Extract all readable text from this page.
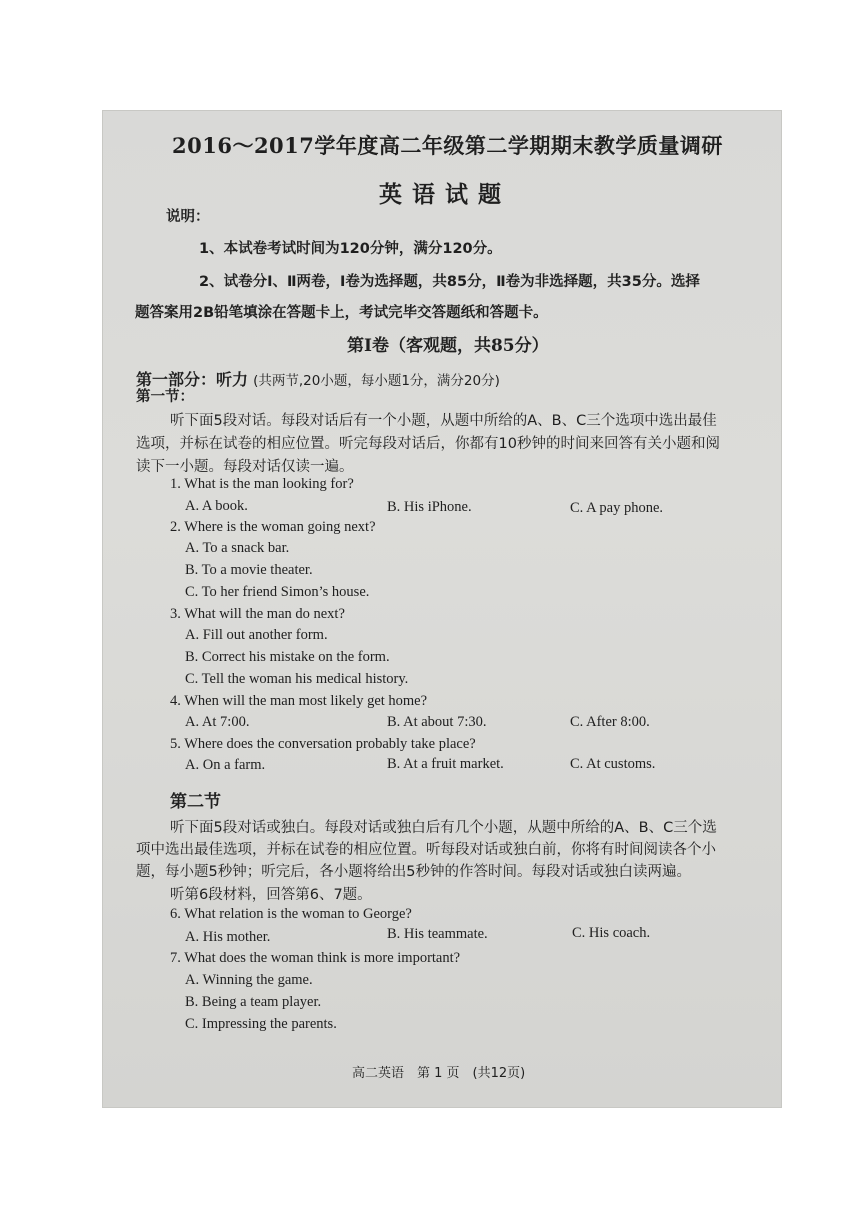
2016～2017学年度高二年级第二学期期末教学质量调研
英语试题
说明：
1、本试卷考试时间为120分钟，满分120分。
2、试卷分Ⅰ、Ⅱ两卷，Ⅰ卷为选择题，共85分，Ⅱ卷为非选择题，共35分。选择
题答案用2B铅笔填涂在答题卡上，考试完毕交答题纸和答题卡。
第Ⅰ卷（客观题，共85分）
第一部分：听力 (共两节,20小题，每小题1分，满分20分)
第一节：
听下面5段对话。每段对话后有一个小题，从题中所给的A、B、C三个选项中选出最佳
选项，并标在试卷的相应位置。听完每段对话后，你都有10秒钟的时间来回答有关小题和阅
读下一小题。每段对话仅读一遍。
1. What is the man looking for?
A. A book.	B. His iPhone.	C. A pay phone.
2. Where is the woman going next?
A. To a snack bar.
B. To a movie theater.
C. To her friend Simon’s house.
3. What will the man do next?
A. Fill out another form.
B. Correct his mistake on the form.
C. Tell the woman his medical history.
4. When will the man most likely get home?
A. At 7:00.	B. At about 7:30.	C. After 8:00.
5. Where does the conversation probably take place?
A. On a farm.	B. At a fruit market.	C. At customs.
第二节
听下面5段对话或独白。每段对话或独白后有几个小题，从题中所给的A、B、C三个选
项中选出最佳选项，并标在试卷的相应位置。听每段对话或独白前，你将有时间阅读各个小
题，每小题5秒钟；听完后，各小题将给出5秒钟的作答时间。每段对话或独白读两遍。
听第6段材料，回答第6、7题。
6. What relation is the woman to George?
A. His mother.	B. His teammate.	C. His coach.
7. What does the woman think is more important?
A. Winning the game.
B. Being a team player.
C. Impressing the parents.
高二英语　第 1 页　(共12页)
